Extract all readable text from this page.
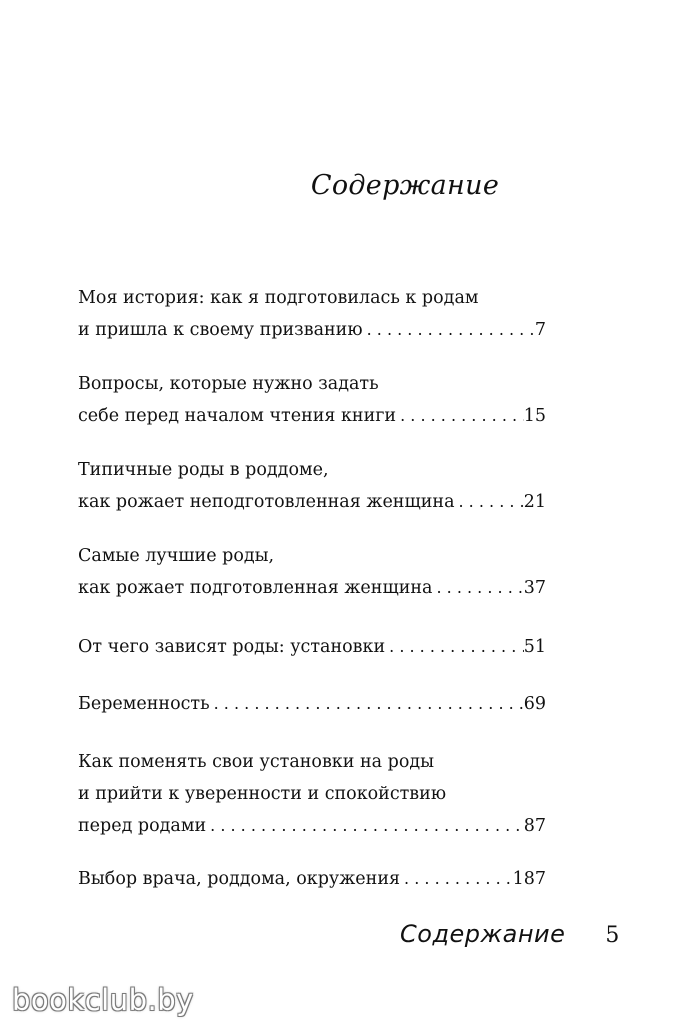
Содержание
Моя история: как я подготовилась к родам
и пришла к своему призванию . . .	7
Вопросы, которые нужно задать
себе перед началом чтения книги . . .	15
Типичные роды в роддоме,
как рожает неподготовленная женщина . . .	21
Самые лучшие роды,
как рожает подготовленная женщина . . .	37
От чего зависят роды: установки . . .	51
Беременность . . .	69
Как поменять свои установки на роды
и прийти к уверенности и спокойствию
перед родами . . .	87
Выбор врача, роддома, окружения . . .	187
Содержание 5
bookclub.by
